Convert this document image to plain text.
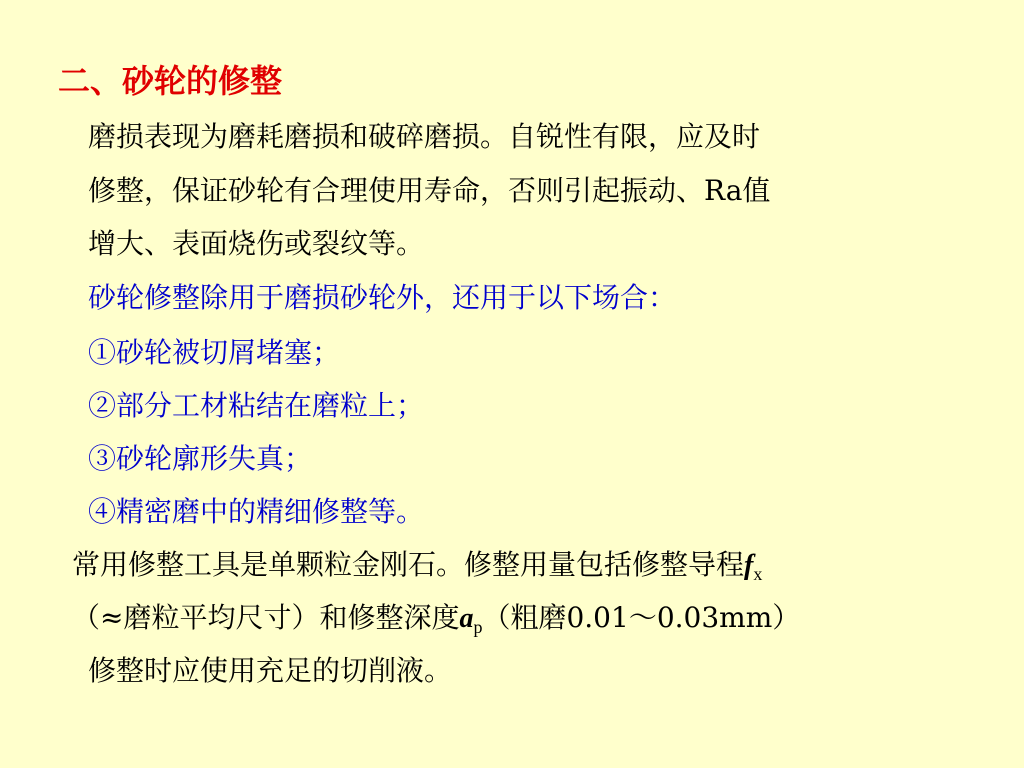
二、砂轮的修整
磨损表现为磨耗磨损和破碎磨损。自锐性有限，应及时
修整，保证砂轮有合理使用寿命，否则引起振动、Ra值
增大、表面烧伤或裂纹等。
砂轮修整除用于磨损砂轮外，还用于以下场合：
①砂轮被切屑堵塞；
②部分工材粘结在磨粒上；
③砂轮廓形失真；
④精密磨中的精细修整等。
常用修整工具是单颗粒金刚石。修整用量包括修整导程$f_x$
（≈磨粒平均尺寸）和修整深度$a_p$（粗磨0.01～0.03mm）
修整时应使用充足的切削液。
